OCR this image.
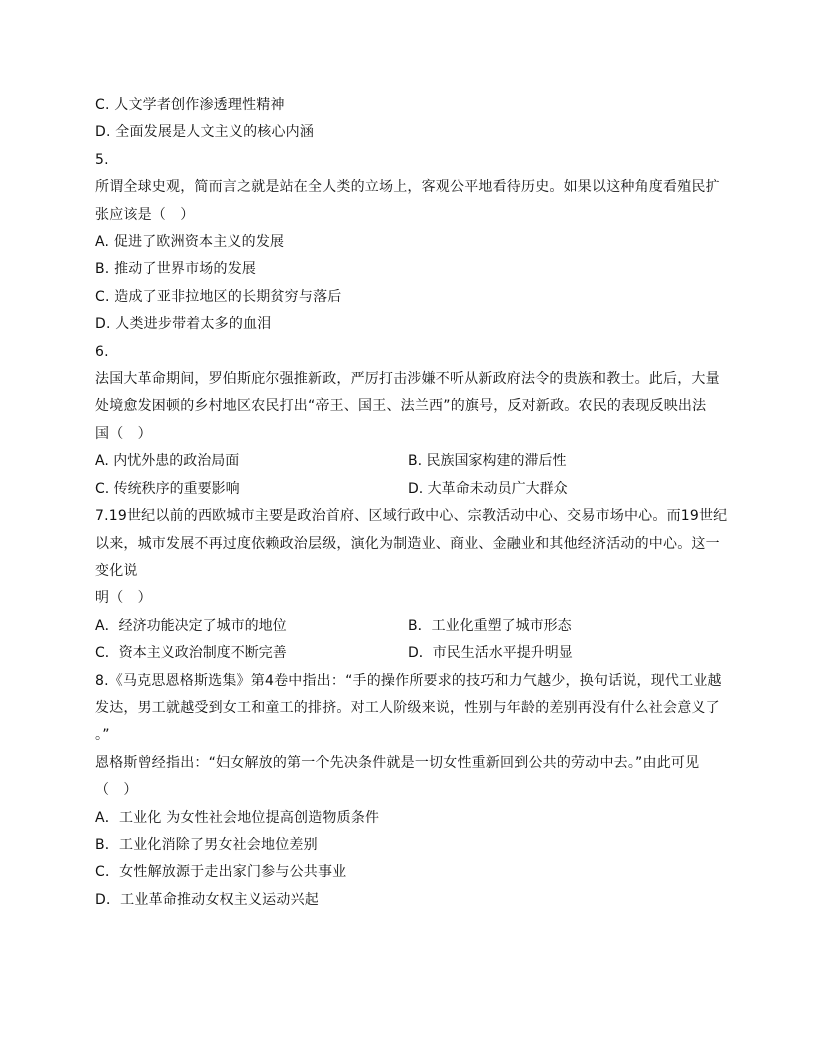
C. 人文学者创作渗透理性精神
D. 全面发展是人文主义的核心内涵
5.
所谓全球史观，简而言之就是站在全人类的立场上，客观公平地看待历史。如果以这种角度看殖民扩
张应该是（　）
A. 促进了欧洲资本主义的发展
B. 推动了世界市场的发展
C. 造成了亚非拉地区的长期贫穷与落后
D. 人类进步带着太多的血泪
6.
法国大革命期间，罗伯斯庇尔强推新政，严厉打击涉嫌不听从新政府法令的贵族和教士。此后，大量
处境愈发困顿的乡村地区农民打出“帝王、国王、法兰西”的旗号，反对新政。农民的表现反映出法
国（　）
A. 内忧外患的政治局面	B. 民族国家构建的滞后性
C. 传统秩序的重要影响	D. 大革命未动员广大群众
7.19世纪以前的西欧城市主要是政治首府、区域行政中心、宗教活动中心、交易市场中心。而19世纪
以来，城市发展不再过度依赖政治层级，演化为制造业、商业、金融业和其他经济活动的中心。这一
变化说
明（　）
A．经济功能决定了城市的地位	B．工业化重塑了城市形态
C．资本主义政治制度不断完善	D．市民生活水平提升明显
8.《马克思恩格斯选集》第4卷中指出：“手的操作所要求的技巧和力气越少，换句话说，现代工业越
发达，男工就越受到女工和童工的排挤。对工人阶级来说，性别与年龄的差别再没有什么社会意义了
。”
恩格斯曾经指出：“妇女解放的第一个先决条件就是一切女性重新回到公共的劳动中去。”由此可见
（　）
A．工业化 为女性社会地位提高创造物质条件
B．工业化消除了男女社会地位差别
C．女性解放源于走出家门参与公共事业
D．工业革命推动女权主义运动兴起
